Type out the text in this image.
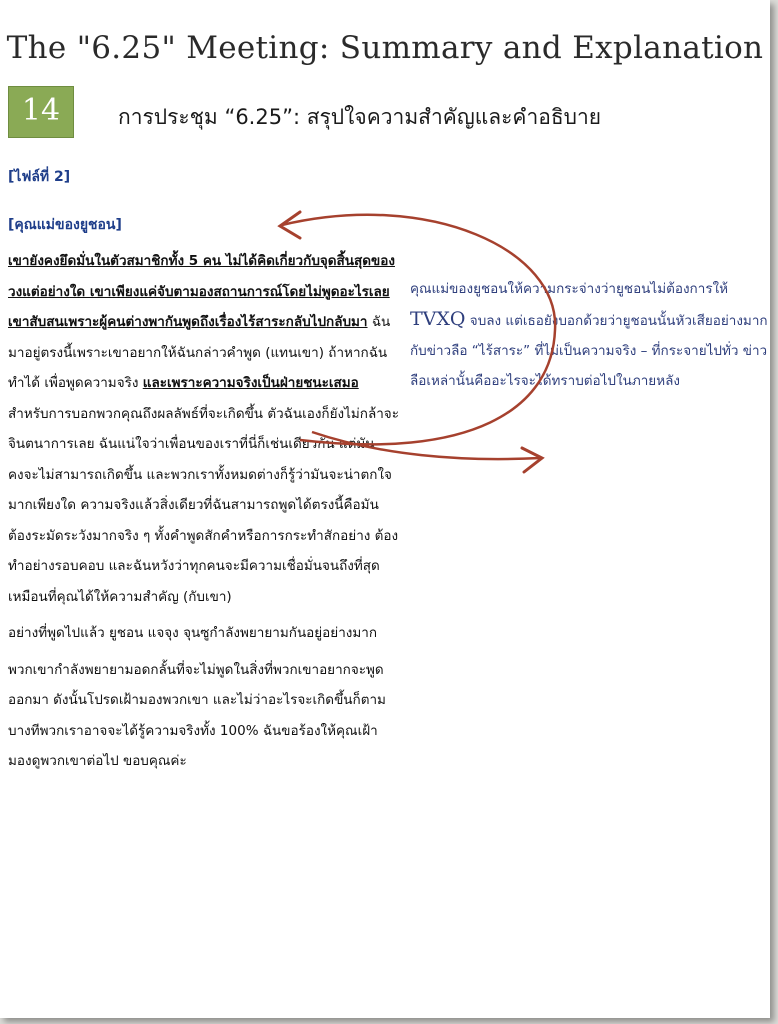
The "6.25" Meeting: Summary and Explanation
14	การประชุม “6.25”: สรุปใจความสำคัญและคำอธิบาย
[ไฟล์ที่ 2]
[คุณแม่ของยูชอน]

เขายังคงยึดมั่นในตัวสมาชิกทั้ง 5 คน ไม่ได้คิดเกี่ยวกับจุดสิ้นสุดของวงแต่อย่างใด เขาเพียงแค่จับตามองสถานการณ์โดยไม่พูดอะไรเลย เขาสับสนเพราะผู้คนต่างพากันพูดถึงเรื่องไร้สาระกลับไปกลับมา ฉันมาอยู่ตรงนี้เพราะเขาอยากให้ฉันกล่าวคำพูด (แทนเขา) ถ้าหากฉันทำได้ เพื่อพูดความจริง และเพราะความจริงเป็นฝ่ายชนะเสมอ สำหรับการบอกพวกคุณถึงผลลัพธ์ที่จะเกิดขึ้น ตัวฉันเองก็ยังไม่กล้าจะจินตนาการเลย ฉันแน่ใจว่าเพื่อนของเราที่นี่ก็เช่นเดียวกัน แต่มันคงจะไม่สามารถเกิดขึ้น และพวกเราทั้งหมดต่างก็รู้ว่ามันจะน่าตกใจมากเพียงใด ความจริงแล้วสิ่งเดียวที่ฉันสามารถพูดได้ตรงนี้คือมันต้องระมัดระวังมากจริง ๆ ทั้งคำพูดสักคำหรือการกระทำสักอย่าง ต้องทำอย่างรอบคอบ และฉันหวังว่าทุกคนจะมีความเชื่อมั่นจนถึงที่สุดเหมือนที่คุณได้ให้ความสำคัญ (กับเขา)

อย่างที่พูดไปแล้ว ยูชอน แจจุง จุนซูกำลังพยายามกันอยู่อย่างมาก

พวกเขากำลังพยายามอดกลั้นที่จะไม่พูดในสิ่งที่พวกเขาอยากจะพูดออกมา ดังนั้นโปรดเฝ้ามองพวกเขา และไม่ว่าอะไรจะเกิดขึ้นก็ตาม บางทีพวกเราอาจจะได้รู้ความจริงทั้ง 100% ฉันขอร้องให้คุณเฝ้ามองดูพวกเขาต่อไป ขอบคุณค่ะ

คุณแม่ของยูชอนให้ความกระจ่างว่ายูชอนไม่ต้องการให้ TVXQ จบลง แต่เธอยังบอกด้วยว่ายูชอนนั้นหัวเสียอย่างมากกับข่าวลือ “ไร้สาระ” ที่ไม่เป็นความจริง – ที่กระจายไปทั่ว ข่าวลือเหล่านั้นคืออะไรจะได้ทราบต่อไปในภายหลัง
